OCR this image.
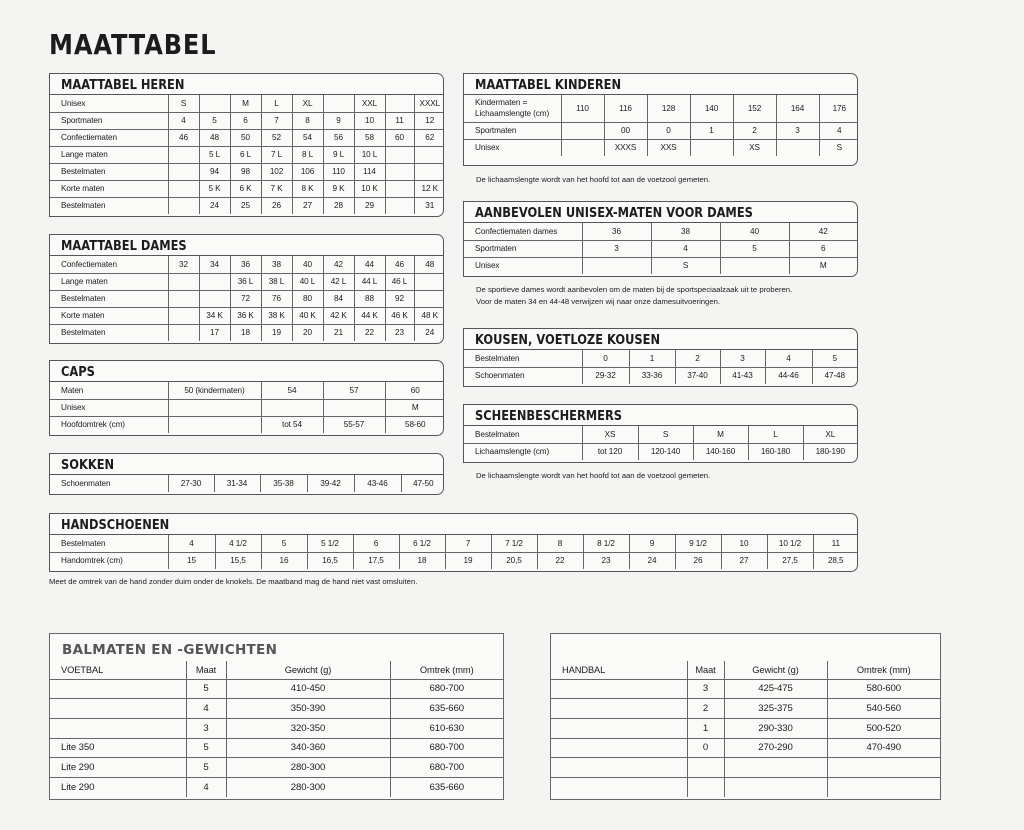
MAATTABEL
MAATTABEL HEREN
Unisex	S		M	L	XL		XXL		XXXL
Sportmaten	4	5	6	7	8	9	10	11	12
Confectiematen	46	48	50	52	54	56	58	60	62
Lange maten		5 L	6 L	7 L	8 L	9 L	10 L		
Bestelmaten		94	98	102	106	110	114		
Korte maten		5 K	6 K	7 K	8 K	9 K	10 K		12 K
Bestelmaten		24	25	26	27	28	29		31
MAATTABEL DAMES
Confectiematen	32	34	36	38	40	42	44	46	48
Lange maten			36 L	38 L	40 L	42 L	44 L	46 L	
Bestelmaten			72	76	80	84	88	92	
Korte maten		34 K	36 K	38 K	40 K	42 K	44 K	46 K	48 K
Bestelmaten		17	18	19	20	21	22	23	24
CAPS
Maten	50 (kindermaten)	54	57	60
Unisex				M
Hoofdomtrek (cm)		tot 54	55-57	58-60
SOKKEN
Schoenmaten	27-30	31-34	35-38	39-42	43-46	47-50
MAATTABEL KINDEREN
Kindermaten = Lichaamslengte (cm)	110	116	128	140	152	164	176
Sportmaten		00	0	1	2	3	4
Unisex		XXXS	XXS		XS		S
De lichaamslengte wordt van het hoofd tot aan de voetzool gemeten.
AANBEVOLEN UNISEX-MATEN VOOR DAMES
Confectiematen dames	36	38	40	42
Sportmaten	3	4	5	6
Unisex		S		M
De sportieve dames wordt aanbevolen om de maten bij de sportspeciaalzaak uit te proberen.
Voor de maten 34 en 44-48 verwijzen wij naar onze damesuitvoeringen.
KOUSEN, VOETLOZE KOUSEN
Bestelmaten	0	1	2	3	4	5
Schoenmaten	29-32	33-36	37-40	41-43	44-46	47-48
SCHEENBESCHERMERS
Bestelmaten	XS	S	M	L	XL
Lichaamslengte (cm)	tot 120	120-140	140-160	160-180	180-190
De lichaamslengte wordt van het hoofd tot aan de voetzool gemeten.
HANDSCHOENEN
Bestelmaten	4	4 1/2	5	5 1/2	6	6 1/2	7	7 1/2	8	8 1/2	9	9 1/2	10	10 1/2	11
Handomtrek (cm)	15	15,5	16	16,5	17,5	18	19	20,5	22	23	24	26	27	27,5	28,5
Meet de omtrek van de hand zonder duim onder de knokels. De maatband mag de hand niet vast omsluiten.
BALMATEN EN -GEWICHTEN
VOETBAL	Maat	Gewicht (g)	Omtrek (mm)
	5	410-450	680-700
	4	350-390	635-660
	3	320-350	610-630
Lite 350	5	340-360	680-700
Lite 290	5	280-300	680-700
Lite 290	4	280-300	635-660
HANDBAL	Maat	Gewicht (g)	Omtrek (mm)
	3	425-475	580-600
	2	325-375	540-560
	1	290-330	500-520
	0	270-290	470-490
